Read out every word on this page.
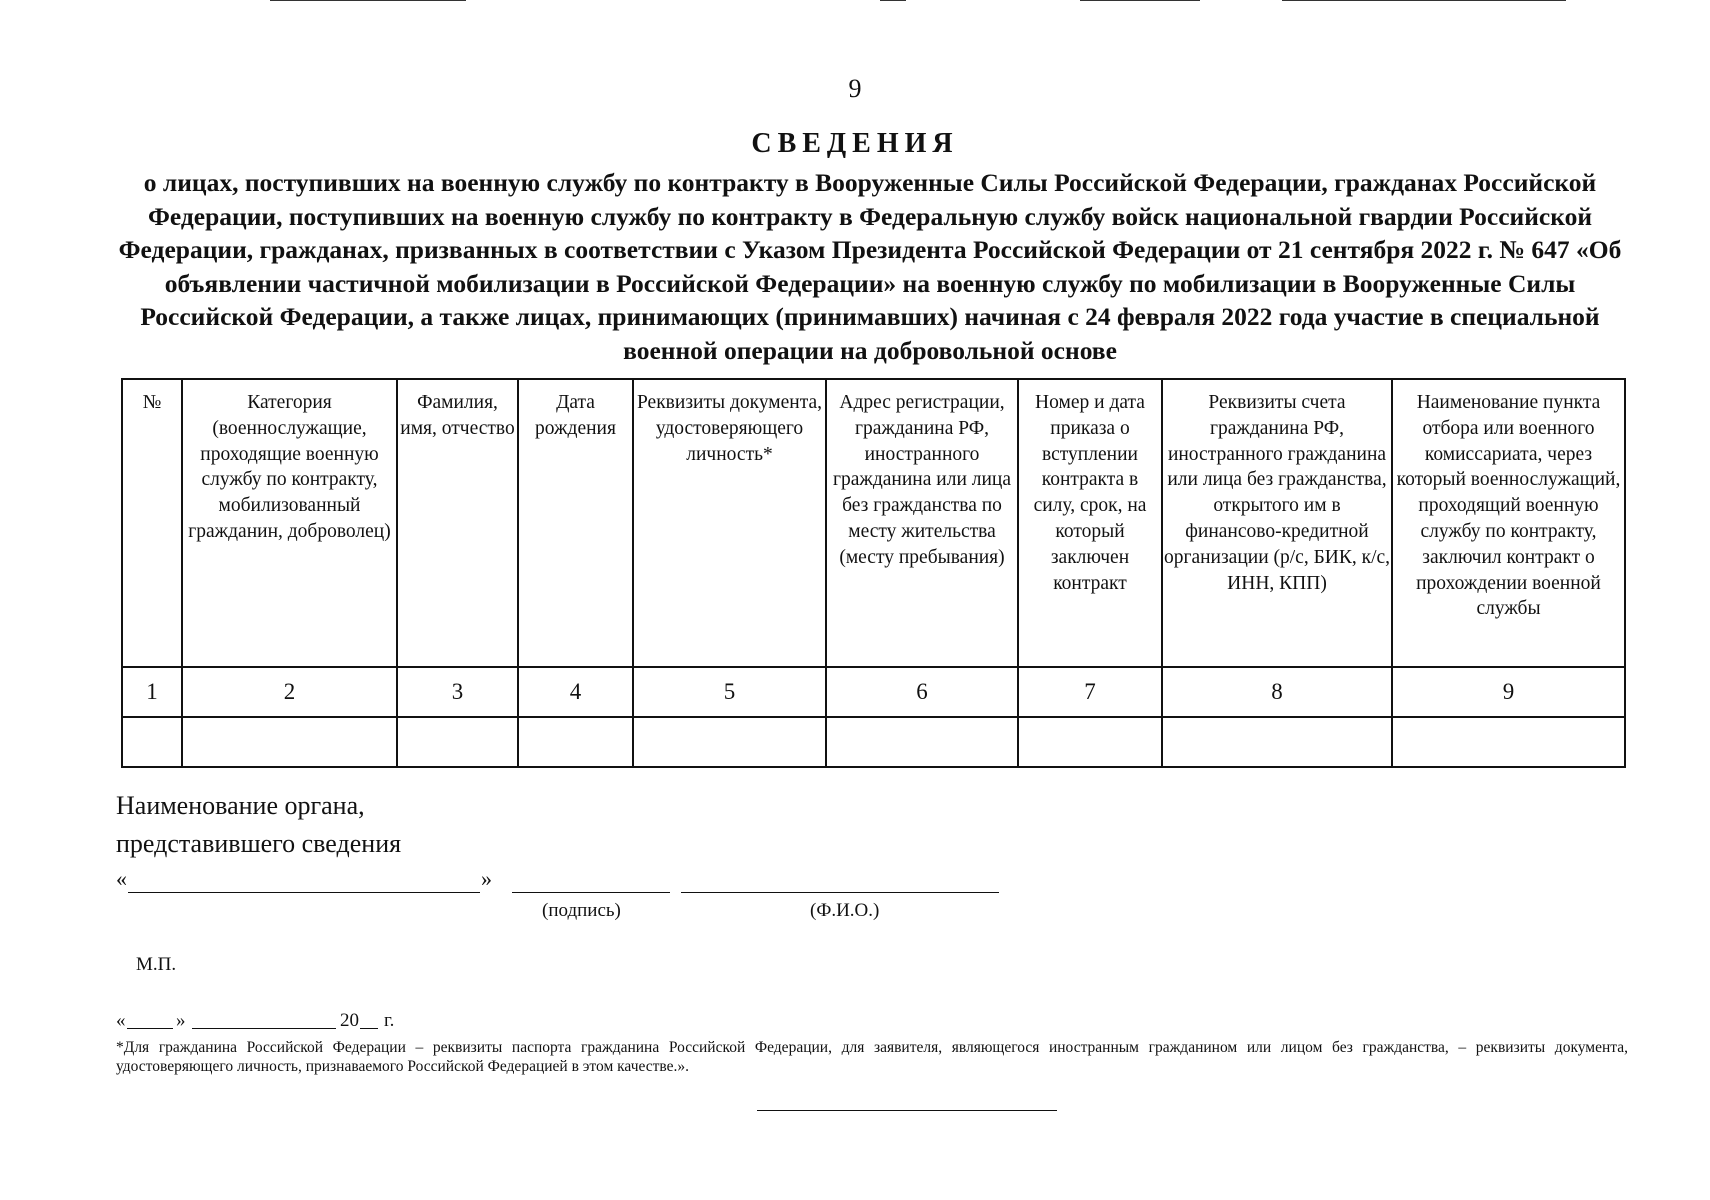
9
СВЕДЕНИЯ
о лицах, поступивших на военную службу по контракту в Вооруженные Силы Российской Федерации, гражданах Российской Федерации, поступивших на военную службу по контракту в Федеральную службу войск национальной гвардии Российской Федерации, гражданах, призванных в соответствии с Указом Президента Российской Федерации от 21 сентября 2022 г. № 647 «Об объявлении частичной мобилизации в Российской Федерации» на военную службу по мобилизации в Вооруженные Силы Российской Федерации, а также лицах, принимающих (принимавших) начиная с 24 февраля 2022 года участие в специальной военной операции на добровольной основе
№	Категория (военнослужащие, проходящие военную службу по контракту, мобилизованный гражданин, доброволец)	Фамилия, имя, отчество	Дата рождения	Реквизиты документа, удостоверяющего личность*	Адрес регистрации, гражданина РФ, иностранного гражданина или лица без гражданства по месту жительства (месту пребывания)	Номер и дата приказа о вступлении контракта в силу, срок, на который заключен контракт	Реквизиты счета гражданина РФ, иностранного гражданина или лица без гражданства, открытого им в финансово-кредитной организации (р/с, БИК, к/с, ИНН, КПП)	Наименование пункта отбора или военного комиссариата, через который военнослужащий, проходящий военную службу по контракту, заключил контракт о прохождении военной службы
1	2	3	4	5	6	7	8	9

Наименование органа,
представившего сведения
«	»
(подпись)	(Ф.И.О.)
М.П.
«	»	20 г.
*Для гражданина Российской Федерации – реквизиты паспорта гражданина Российской Федерации, для заявителя, являющегося иностранным гражданином или лицом без гражданства, – реквизиты документа, удостоверяющего личность, признаваемого Российской Федерацией в этом качестве.».
